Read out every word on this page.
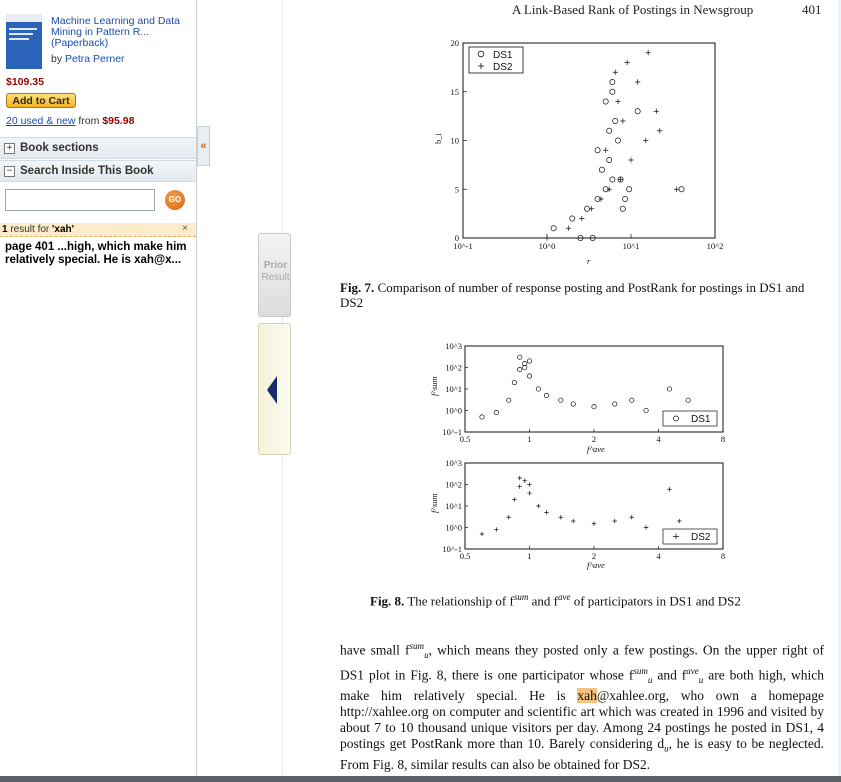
Machine Learning and Data Mining in Pattern R... (Paperback)
by Petra Perner
$109.35
Add to Cart
20 used & new from $95.98
+ Book sections
− Search Inside This Book
GO
1 result for 'xah'	×
page 401 ...high, which make him relatively special. He is xah@x...
«
Prior
Result
A Link-Based Rank of Postings in Newsgroup	401
10^-1	10^0	10^1	10^2
0
5
10
15
20
DS1
DS2
b_i
r
Fig. 7. Comparison of number of response posting and PostRank for postings in DS1 and DS2
0.5	1	2	4	8
10^-1
10^0
10^1
10^2
10^3
0.5	1	2	4	8
10^-1
10^0
10^1
10^2
10^3
DS1
DS2
f^sum
f^sum
f^ave
f^ave
Fig. 8. The relationship of $f^{sum}$ and $f^{ave}$ of participators in DS1 and DS2
have small $f^{sum}_u$, which means they posted only a few postings. On the upper right of DS1 plot in Fig. 8, there is one participator whose $f^{sum}_u$ and $f^{ave}_u$ are both high, which make him relatively special. He is xah@xahlee.org, who own a homepage http://xahlee.org on computer and scientific art which was created in 1996 and visited by about 7 to 10 thousand unique visitors per day. Among 24 postings he posted in DS1, 4 postings get PostRank more than 10. Barely considering $d_u$, he is easy to be neglected. From Fig. 8, similar results can also be obtained for DS2.
